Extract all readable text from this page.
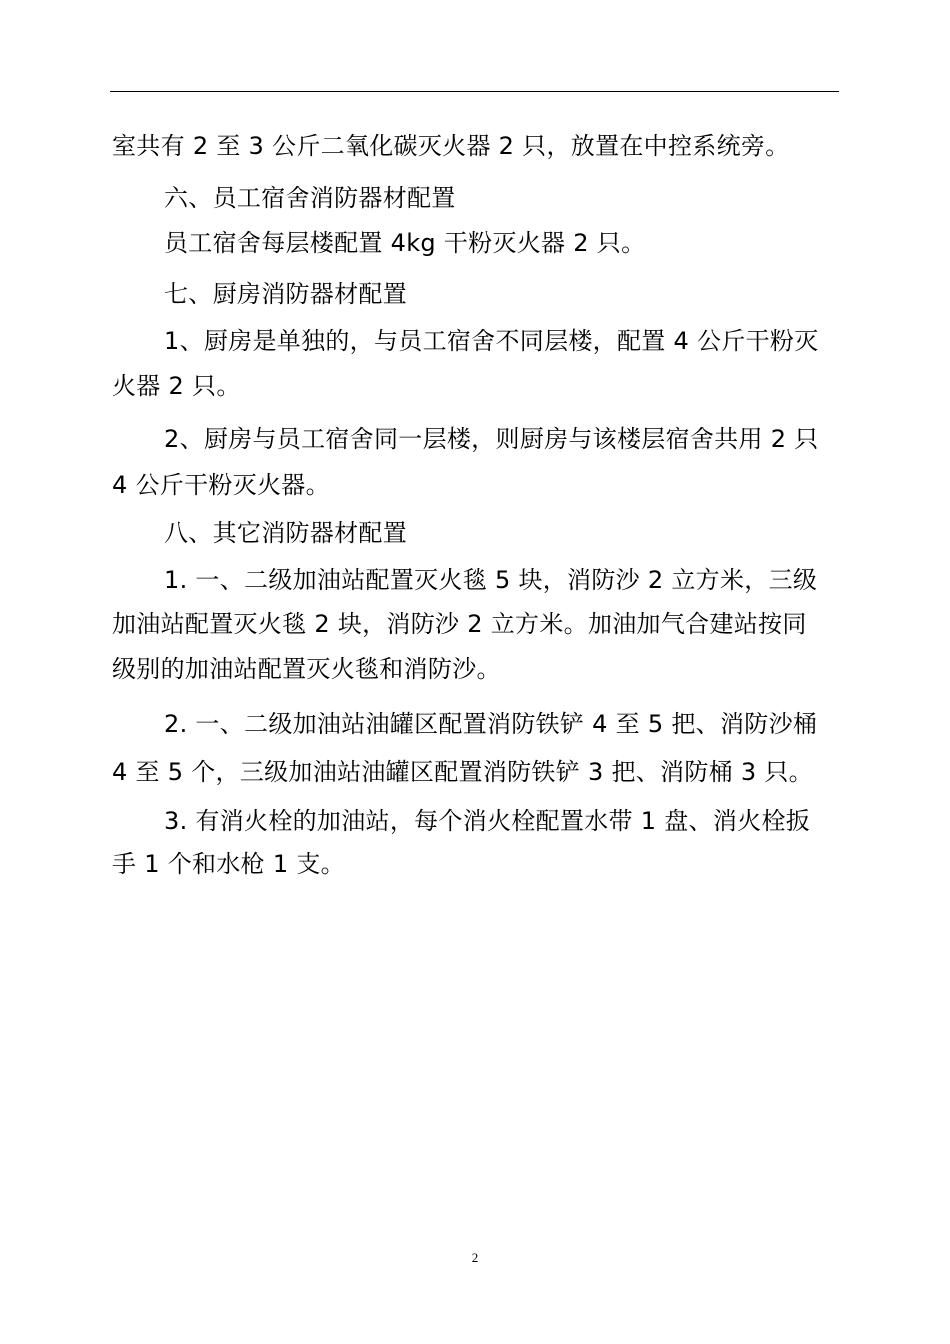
室共有 2 至 3 公斤二氧化碳灭火器 2 只，放置在中控系统旁。
六、员工宿舍消防器材配置
员工宿舍每层楼配置 4kg 干粉灭火器 2 只。
七、厨房消防器材配置
1、厨房是单独的，与员工宿舍不同层楼，配置 4 公斤干粉灭
火器 2 只。
2、厨房与员工宿舍同一层楼，则厨房与该楼层宿舍共用 2 只
4 公斤干粉灭火器。
八、其它消防器材配置
1. 一、二级加油站配置灭火毯 5 块，消防沙 2 立方米，三级
加油站配置灭火毯 2 块，消防沙 2 立方米。加油加气合建站按同
级别的加油站配置灭火毯和消防沙。
2. 一、二级加油站油罐区配置消防铁铲 4 至 5 把、消防沙桶
4 至 5 个，三级加油站油罐区配置消防铁铲 3 把、消防桶 3 只。
3. 有消火栓的加油站，每个消火栓配置水带 1 盘、消火栓扳
手 1 个和水枪 1 支。
2
